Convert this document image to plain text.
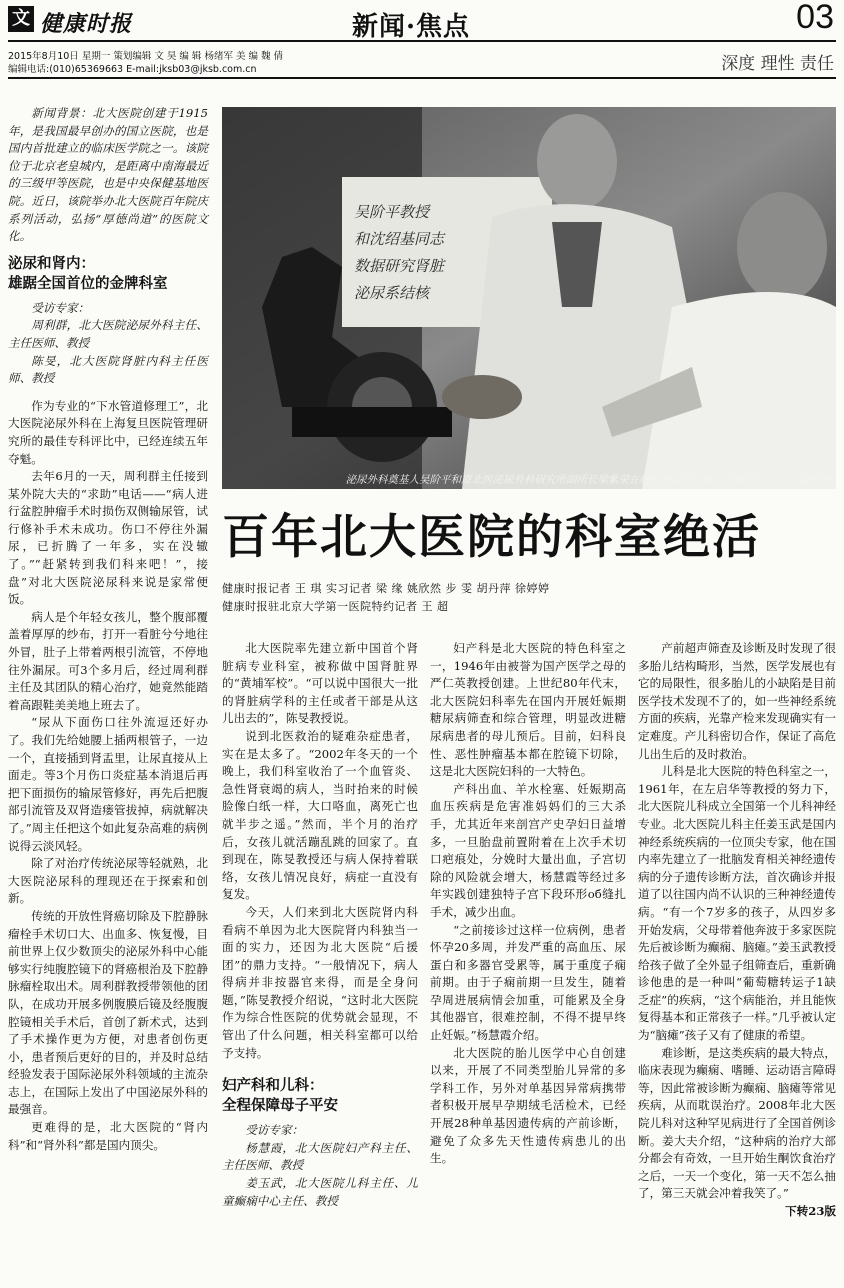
文 健康时报	新闻·焦点	03
2015年8月10日 星期一 策划编辑 文 昊 编 辑 杨绪军 美 编 魏 倩
编辑电话:(010)65369663 E-mail:jksb03@jksb.com.cn	深度 理性 责任
吴阶平教授
和沈绍基同志
数据研究肾脏
泌尿系结核
泌尿外科奠基人吴阶平和原北医泌尿外科研究所副所长梁紫荣在研究泌尿系结核（资料照片）。 王 超供图
百年北大医院的科室绝活
健康时报记者 王 琪 实习记者 梁 缘 姚欣然 步 雯 胡丹萍 徐婷婷
健康时报驻北京大学第一医院特约记者 王 超

新闻背景：北大医院创建于1915年，是我国最早创办的国立医院，也是国内首批建立的临床医学院之一。该院位于北京老皇城内，是距离中南海最近的三级甲等医院，也是中央保健基地医院。近日，该院举办北大医院百年院庆系列活动，弘扬“厚德尚道”的医院文化。

泌尿和肾内：
雄踞全国首位的金牌科室

受访专家：

周利群，北大医院泌尿外科主任、主任医师、教授

陈旻，北大医院肾脏内科主任医师、教授

作为专业的“下水管道修理工”，北大医院泌尿外科在上海复旦医院管理研究所的最佳专科评比中，已经连续五年夺魁。

去年6月的一天，周利群主任接到某外院大夫的“求助”电话——“病人进行盆腔肿瘤手术时损伤双侧输尿管，试行修补手术未成功。伤口不停往外漏尿，已折腾了一年多，实在没辙了。”“赶紧转到我们科来吧！”，接盘”对北大医院泌尿科来说是家常便饭。

病人是个年轻女孩儿，整个腹部覆盖着厚厚的纱布，打开一看脏兮兮地往外冒，肚子上带着两根引流管，不停地往外漏尿。可3个多月后，经过周利群主任及其团队的精心治疗，她竟然能踏着高跟鞋美美地上班去了。

“尿从下面伤口往外流逗还好办了。我们先给她腰上插两根管子，一边一个，直接插到肾盂里，让尿直接从上面走。等3个月伤口炎症基本消退后再把下面损伤的输尿管修好，再先后把腹部引流管及双肾造瘘管拔掉，病就解决了。”周主任把这个如此复杂高难的病例说得云淡风轻。

除了对治疗传统泌尿等轻就熟，北大医院泌尿科的理现还在于探索和创新。

传统的开放性肾癌切除及下腔静脉瘤栓手术切口大、出血多、恢复慢，目前世界上仅少数顶尖的泌尿外科中心能够实行纯腹腔镜下的肾癌根治及下腔静脉瘤栓取出术。周利群教授带领他的团队，在成功开展多例腹膜后镜及经腹腹腔镜相关手术后，首创了新术式，达到了手术操作更为方便，对患者创伤更小，患者预后更好的目的，并及时总结经验发表于国际泌尿外科领域的主流杂志上，在国际上发出了中国泌尿外科的最强音。

更难得的是，北大医院的“肾内科”和“肾外科”都是国内顶尖。

北大医院率先建立新中国首个肾脏病专业科室，被称做中国肾脏界的“黄埔军校”。“可以说中国很大一批的肾脏病学科的主任或者干部是从这儿出去的”，陈旻教授说。

说到北医救治的疑难杂症患者，实在是太多了。“2002年冬天的一个晚上，我们科室收治了一个血管炎、急性肾衰竭的病人，当时抬来的时候脸像白纸一样，大口咯血，离死亡也就半步之遥。”然而，半个月的治疗后，女孩儿就活蹦乱跳的回家了。直到现在，陈旻教授还与病人保持着联络，女孩儿情况良好，病症一直没有复发。

今天，人们来到北大医院肾内科看病不单因为北大医院肾内科独当一面的实力，还因为北大医院“后援团”的鼎力支持。“一般情况下，病人得病并非按器官来得，而是全身问题，”陈旻教授介绍说，“这时北大医院作为综合性医院的优势就会显现，不管出了什么问题，相关科室都可以给予支持。

妇产科和儿科：
全程保障母子平安

受访专家：

杨慧霞，北大医院妇产科主任、主任医师、教授

姜玉武，北大医院儿科主任、儿童癫痫中心主任、教授

妇产科是北大医院的特色科室之一，1946年由被誉为国产医学之母的严仁英教授创建。上世纪80年代末，北大医院妇科率先在国内开展妊娠期糖尿病筛查和综合管理，明显改进糖尿病患者的母儿预后。目前，妇科良性、恶性肿瘤基本都在腔镜下切除，这是北大医院妇科的一大特色。

产科出血、羊水栓塞、妊娠期高血压疾病是危害准妈妈们的三大杀手，尤其近年来剖宫产史孕妇日益增多，一旦胎盘前置附着在上次手术切口疤痕处，分娩时大量出血，子宫切除的风险就会增大，杨慧霞等经过多年实践创建独特子宫下段环形об缝扎手术，减少出血。

“之前接诊过这样一位病例，患者怀孕20多周，并发严重的高血压、尿蛋白和多器官受累等，属于重度子痫前期。由于子痫前期一旦发生，随着孕周进展病情会加重，可能累及全身其他器官，很难控制，不得不提早终止妊娠。”杨慧霞介绍。

北大医院的胎儿医学中心自创建以来，开展了不同类型胎儿异常的多学科工作，另外对单基因异常病携带者积极开展早孕期绒毛活检术，已经开展28种单基因遗传病的产前诊断，避免了众多先天性遗传病患儿的出生。

产前超声筛查及诊断及时发现了很多胎儿结构畸形，当然，医学发展也有它的局限性，很多胎儿的小缺陷是目前医学技术发现不了的，如一些神经系统方面的疾病，光靠产检来发现确实有一定难度。产儿科密切合作，保证了高危儿出生后的及时救治。

儿科是北大医院的特色科室之一，1961年，在左启华等教授的努力下，北大医院儿科成立全国第一个儿科神经专业。北大医院儿科主任姜玉武是国内神经系统疾病的一位顶尖专家，他在国内率先建立了一批脑发育相关神经遗传病的分子遗传诊断方法，首次确诊并报道了以往国内尚不认识的三种神经遗传病。“有一个7岁多的孩子，从四岁多开始发病，父母带着他奔波于多家医院先后被诊断为癫痫、脑瘫。”姜玉武教授给孩子做了全外显子组筛查后，重新确诊他患的是一种叫“葡萄糖转运子1缺乏症”的疾病，“这个病能治，并且能恢复得基本和正常孩子一样。”几乎被认定为“脑瘫”孩子又有了健康的希望。

难诊断，是这类疾病的最大特点，临床表现为癫痫、嗜睡、运动语言障碍等，因此常被诊断为癫痫、脑瘫等常见疾病，从而耽误治疗。2008年北大医院儿科对这种罕见病进行了全国首例诊断。姜大夫介绍，“这种病的治疗大部分都会有奇效，一旦开始生酮饮食治疗之后，一天一个变化，第一天不怎么抽了，第三天就会冲着我笑了。”

下转23版
